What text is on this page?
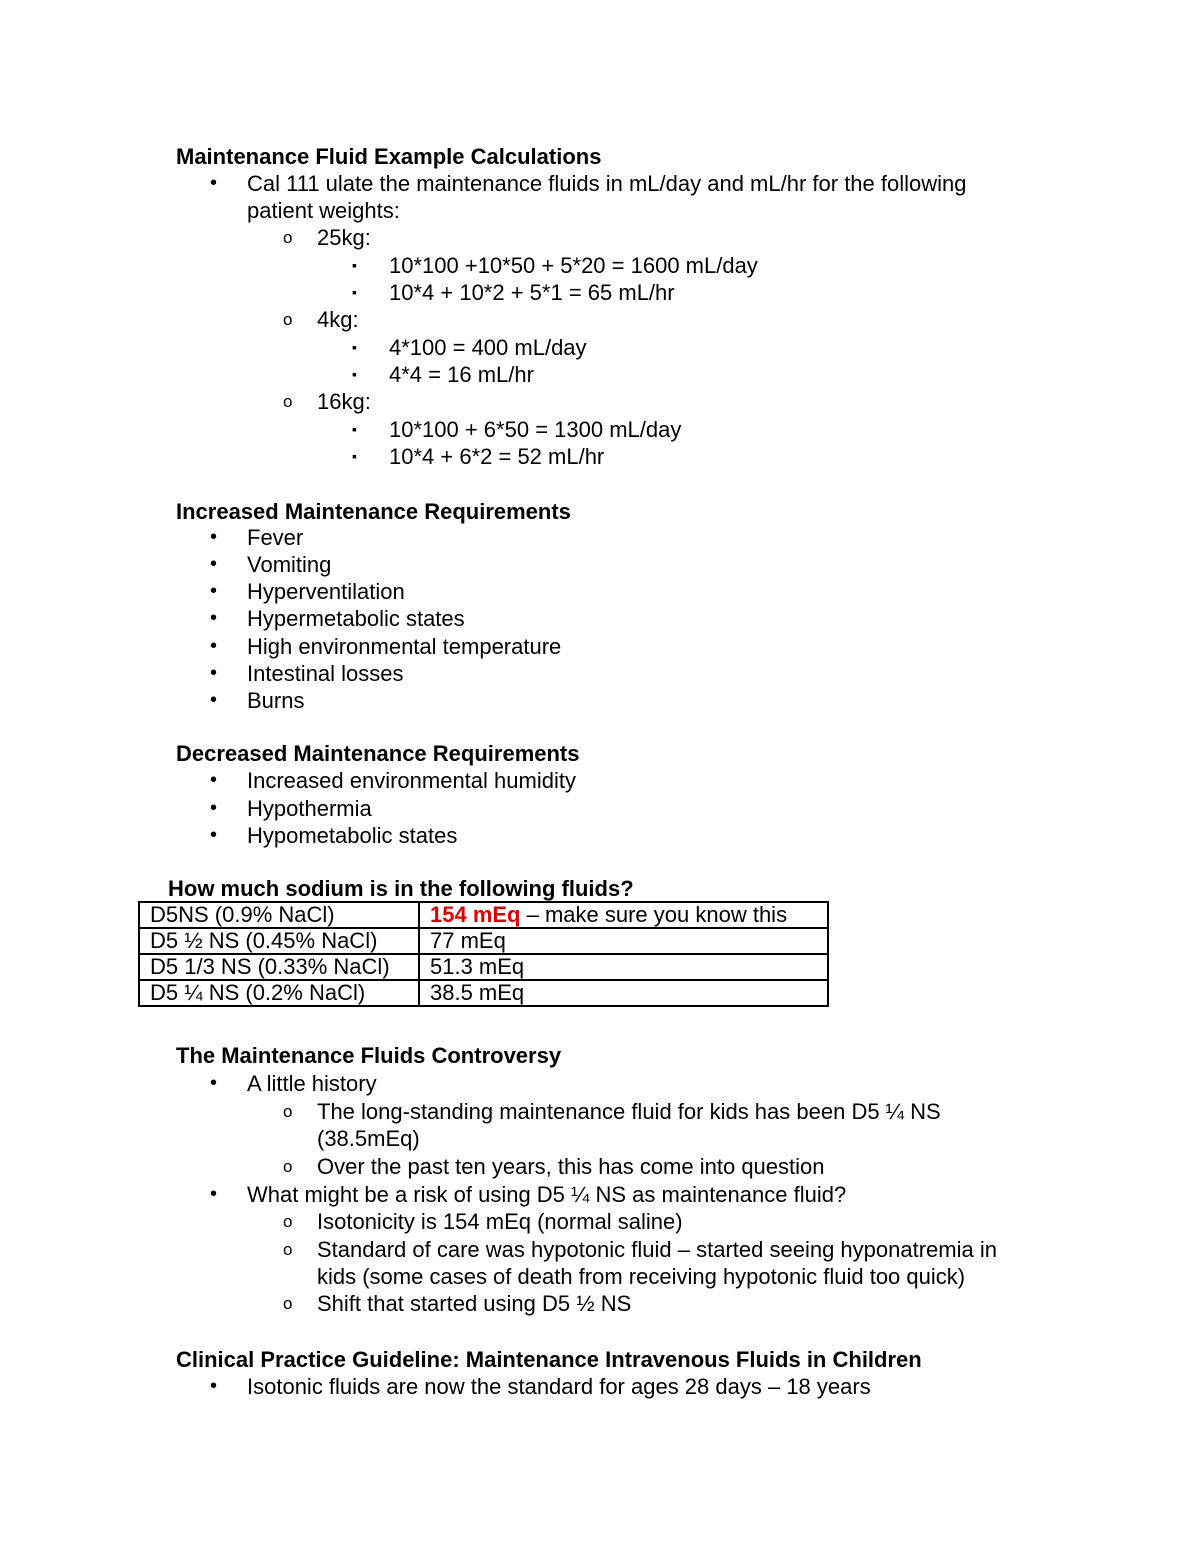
Maintenance Fluid Example Calculations
• Cal 111 ulate the maintenance fluids in mL/day and mL/hr for the following
patient weights:
o 25kg:
▪ 10*100 +10*50 + 5*20 = 1600 mL/day
▪ 10*4 + 10*2 + 5*1 = 65 mL/hr
o 4kg:
▪ 4*100 = 400 mL/day
▪ 4*4 = 16 mL/hr
o 16kg:
▪ 10*100 + 6*50 = 1300 mL/day
▪ 10*4 + 6*2 = 52 mL/hr
Increased Maintenance Requirements
• Fever
• Vomiting
• Hyperventilation
• Hypermetabolic states
• High environmental temperature
• Intestinal losses
• Burns
Decreased Maintenance Requirements
• Increased environmental humidity
• Hypothermia
• Hypometabolic states
How much sodium is in the following fluids?
D5NS (0.9% NaCl)	154 mEq – make sure you know this
D5 ½ NS (0.45% NaCl)	77 mEq
D5 1/3 NS (0.33% NaCl)	51.3 mEq
D5 ¼ NS (0.2% NaCl)	38.5 mEq
The Maintenance Fluids Controversy
• A little history
o The long-standing maintenance fluid for kids has been D5 ¼ NS
(38.5mEq)
o Over the past ten years, this has come into question
• What might be a risk of using D5 ¼ NS as maintenance fluid?
o Isotonicity is 154 mEq (normal saline)
o Standard of care was hypotonic fluid – started seeing hyponatremia in
kids (some cases of death from receiving hypotonic fluid too quick)
o Shift that started using D5 ½ NS
Clinical Practice Guideline: Maintenance Intravenous Fluids in Children
• Isotonic fluids are now the standard for ages 28 days – 18 years
